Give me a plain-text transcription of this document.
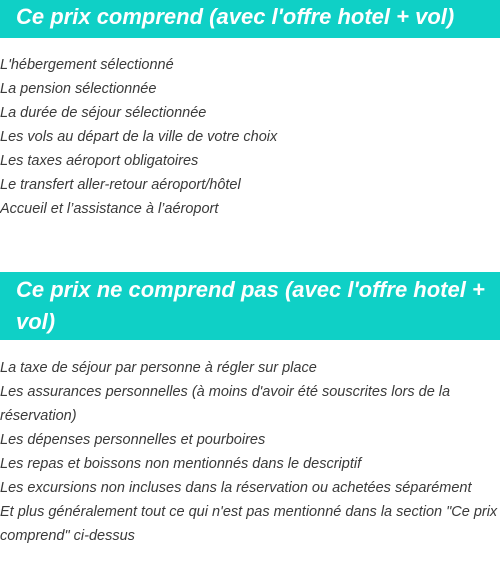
Ce prix comprend (avec l'offre hotel + vol)
L'hébergement sélectionné
La pension sélectionnée
La durée de séjour sélectionnée
Les vols au départ de la ville de votre choix
Les taxes aéroport obligatoires
Le transfert aller-retour aéroport/hôtel
Accueil et l’assistance à l’aéroport
Ce prix ne comprend pas (avec l'offre hotel + vol)
La taxe de séjour par personne à régler sur place
Les assurances personnelles (à moins d'avoir été souscrites lors de la réservation)
Les dépenses personnelles et pourboires
Les repas et boissons non mentionnés dans le descriptif
Les excursions non incluses dans la réservation ou achetées séparément
Et plus généralement tout ce qui n'est pas mentionné dans la section "Ce prix comprend" ci-dessus
